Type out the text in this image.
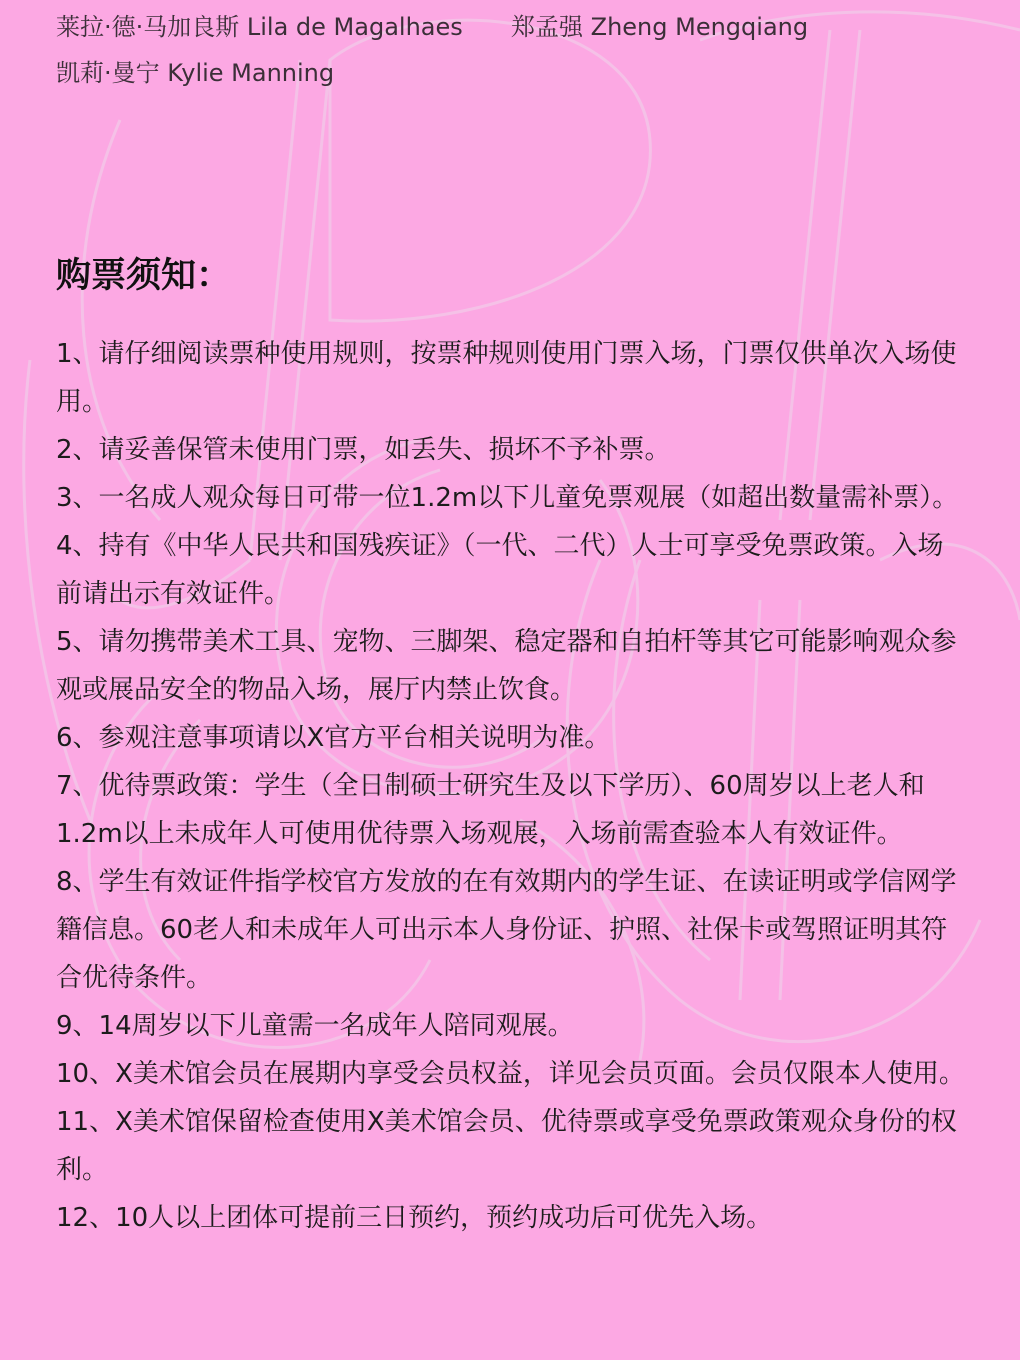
莱拉·德·马加良斯 Lila de Magalhaes 郑孟强 Zheng Mengqiang
凯莉·曼宁 Kylie Manning
购票须知：
1、请仔细阅读票种使用规则，按票种规则使用门票入场，门票仅供单次入场使用。
2、请妥善保管未使用门票，如丢失、损坏不予补票。
3、一名成人观众每日可带一位1.2m以下儿童免票观展（如超出数量需补票）。
4、持有《中华人民共和国残疾证》（一代、二代）人士可享受免票政策。入场前请出示有效证件。
5、请勿携带美术工具、宠物、三脚架、稳定器和自拍杆等其它可能影响观众参观或展品安全的物品入场，展厅内禁止饮食。
6、参观注意事项请以X官方平台相关说明为准。
7、优待票政策：学生（全日制硕士研究生及以下学历）、60周岁以上老人和1.2m以上未成年人可使用优待票入场观展，入场前需查验本人有效证件。
8、学生有效证件指学校官方发放的在有效期内的学生证、在读证明或学信网学籍信息。60老人和未成年人可出示本人身份证、护照、社保卡或驾照证明其符合优待条件。
9、14周岁以下儿童需一名成年人陪同观展。
10、X美术馆会员在展期内享受会员权益，详见会员页面。会员仅限本人使用。
11、X美术馆保留检查使用X美术馆会员、优待票或享受免票政策观众身份的权利。
12、10人以上团体可提前三日预约，预约成功后可优先入场。
